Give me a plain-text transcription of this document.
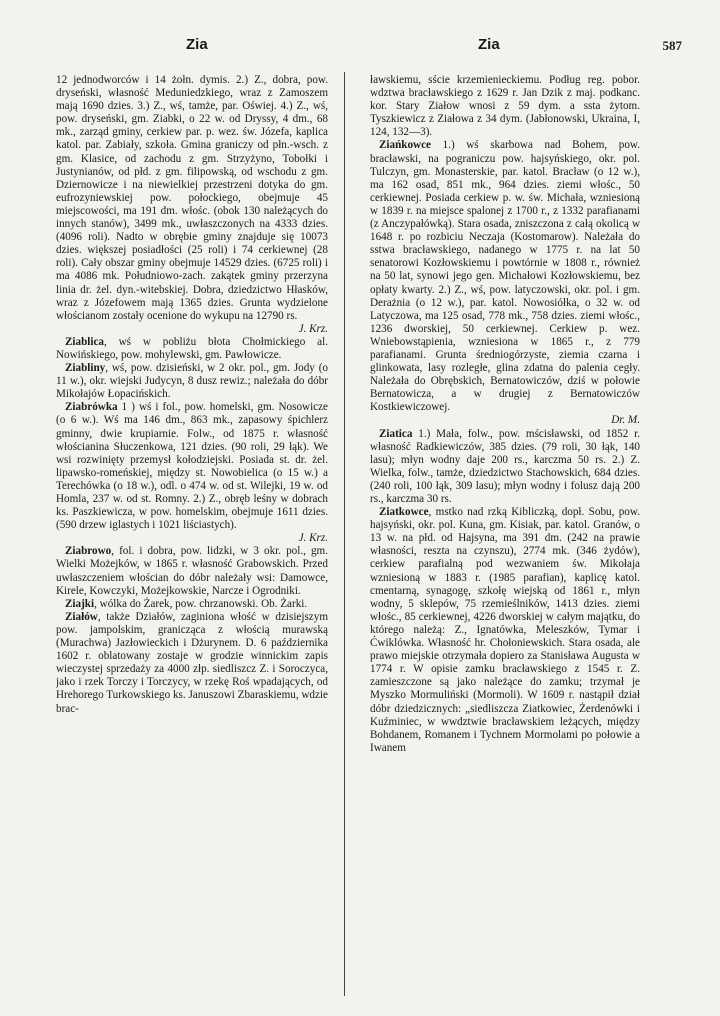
Zia	Zia	587

12 jednodworców i 14 żołn. dymis. 2.) Z., dobra, pow. dryseński, własność Meduniedzkiego, wraz z Zamoszem mają 1690 dzies. 3.) Z., wś, tamże, par. Oświej. 4.) Z., wś, pow. dryseński, gm. Ziabki, o 22 w. od Dryssy, 4 dm., 68 mk., zarząd gminy, cerkiew par. p. wez. św. Józefa, kaplica katol. par. Zabiały, szkoła. Gmina graniczy od płn.-wsch. z gm. Klasice, od zachodu z gm. Strzyżyno, Tobołki i Justynianów, od płd. z gm. filipowską, od wschodu z gm. Dziernowicze i na niewielkiej przestrzeni dotyka do gm. eufrozyniewskiej pow. połockiego, obejmuje 45 miejscowości, ma 191 dm. włośc. (obok 130 należących do innych stanów), 3499 mk., uwłaszczonych na 4333 dzies. (4096 roli). Nadto w obrębie gminy znajduje się 10073 dzies. większej posiadłości (25 roli) i 74 cerkiewnej (28 roli). Cały obszar gminy obejmuje 14529 dzies. (6725 roli) i ma 4086 mk. Południowo-zach. zakątek gminy przerzyna linia dr. żel. dyn.-witebskiej. Dobra, dziedzictwo Hłasków, wraz z Józefowem mają 1365 dzies. Grunta wydzielone włościanom zostały ocenione do wykupu na 12790 rs.
J. Krz.

Ziablica, wś w pobliżu błota Chołmickiego al. Nowińskiego, pow. mohylewski, gm. Pawłowicze.

Ziabliny, wś, pow. dzisieński, w 2 okr. pol., gm. Jody (o 11 w.), okr. wiejski Judycyn, 8 dusz rewiz.; należała do dóbr Mikołajów Łopacińskich.

Ziabrówka 1 ) wś i fol., pow. homelski, gm. Nosowicze (o 6 w.). Wś ma 146 dm., 863 mk., zapasowy śpichlerz gminny, dwie krupiarnie. Folw., od 1875 r. własność włościanina Słuczenkowa, 121 dzies. (90 roli, 29 łąk). We wsi rozwinięty przemysł kołodziejski. Posiada st. dr. żel. lipawsko-romeńskiej, między st. Nowobielica (o 15 w.) a Terechówka (o 18 w.), odl. o 474 w. od st. Wilejki, 19 w. od Homla, 237 w. od st. Romny. 2.) Z., obręb leśny w dobrach ks. Paszkiewicza, w pow. homelskim, obejmuje 1611 dzies. (590 drzew iglastych i 1021 liściastych).
J. Krz.

Ziabrowo, fol. i dobra, pow. lidzki, w 3 okr. pol., gm. Wielki Możejków, w 1865 r. własność Grabowskich. Przed uwłaszczeniem włościan do dóbr należały wsi: Damowce, Kirele, Kowczyki, Możejkowskie, Narcze i Ogrodniki.

Ziajki, wólka do Żarek, pow. chrzanowski. Ob. Żarki.

Ziałów, także Działów, zaginiona włość w dzisiejszym pow. jampolskim, granicząca z włością murawską (Murachwa) Jazłowieckich i Dżurynem. D. 6 października 1602 r. oblatowany zostaje w grodzie winnickim zapis wieczystej sprzedaży za 4000 złp. siedliszcz Z. i Soroczyca, jako i rzek Torczy i Torczycy, w rzekę Roś wpadających, od Hrehorego Turkowskiego ks. Januszowi Zbaraskiemu, wdzie brac-

ławskiemu, sście krzemienieckiemu. Podług reg. pobor. wdztwa bracławskiego z 1629 r. Jan Dzik z maj. podkanc. kor. Stary Ziałow wnosi z 59 dym. a ssta żytom. Tyszkiewicz z Ziałowa z 34 dym. (Jabłonowski, Ukraina, I, 124, 132—3).

Ziańkowce 1.) wś skarbowa nad Bohem, pow. bracławski, na pograniczu pow. hajsyńskiego, okr. pol. Tulczyn, gm. Monasterskie, par. katol. Bracław (o 12 w.), ma 162 osad, 851 mk., 964 dzies. ziemi włośc., 50 cerkiewnej. Posiada cerkiew p. w. św. Michała, wzniesioną w 1839 r. na miejsce spalonej z 1700 r., z 1332 parafianami (z Anczypałówką). Stara osada, zniszczona z całą okolicą w 1648 r. po rozbiciu Neczaja (Kostomarow). Należała do sstwa bracławskiego, nadanego w 1775 r. na lat 50 senatorowi Kozłowskiemu i powtórnie w 1808 r., również na 50 lat, synowi jego gen. Michałowi Kozłowskiemu, bez opłaty kwarty. 2.) Z., wś, pow. latyczowski, okr. pol. i gm. Derażnia (o 12 w.), par. katol. Nowosiółka, o 32 w. od Latyczowa, ma 125 osad, 778 mk., 758 dzies. ziemi włośc., 1236 dworskiej, 50 cerkiewnej. Cerkiew p. wez. Wniebowstąpienia, wzniesiona w 1865 r., z 779 parafianami. Grunta średniogórzyste, ziemia czarna i glinkowata, lasy rozległe, glina zdatna do palenia cegły. Należała do Obrębskich, Bernatowiczów, dziś w połowie Bernatowicza, a w drugiej z Bernatowiczów Kostkiewiczowej.
Dr. M.

Ziatica 1.) Mała, folw., pow. mścisławski, od 1852 r. własność Radkiewiczów, 385 dzies. (79 roli, 30 łąk, 140 lasu); młyn wodny daje 200 rs., karczma 50 rs. 2.) Z. Wielka, folw., tamże, dziedzictwo Stachowskich, 684 dzies. (240 roli, 100 łąk, 309 lasu); młyn wodny i folusz dają 200 rs., karczma 30 rs.

Ziatkowce, mstko nad rzką Kibliczką, dopł. Sobu, pow. hajsyński, okr. pol. Kuna, gm. Kisiak, par. katol. Granów, o 13 w. na płd. od Hajsyna, ma 391 dm. (242 na prawie własności, reszta na czynszu), 2774 mk. (346 żydów), cerkiew parafialną pod wezwaniem św. Mikołaja wzniesioną w 1883 r. (1985 parafian), kaplicę katol. cmentarną, synagogę, szkołę wiejską od 1861 r., młyn wodny, 5 sklepów, 75 rzemieślników, 1413 dzies. ziemi włośc., 85 cerkiewnej, 4226 dworskiej w całym majątku, do którego należą: Z., Ignatówka, Meleszków, Tymar i Ćwiklówka. Własność hr. Chołoniewskich. Stara osada, ale prawo miejskie otrzymała dopiero za Stanisława Augusta w 1774 r. W opisie zamku bracławskiego z 1545 r. Z. zamieszczone są jako należące do zamku; trzymał je Myszko Mormuliński (Mormoli). W 1609 r. nastąpił dział dóbr dziedzicznych: „siedliszcza Ziatkowiec, Żerdenówki i Kuźminiec, w wwdztwie bracławskiem leżących, między Bohdanem, Romanem i Tychnem Mormolami po połowie a Iwanem
